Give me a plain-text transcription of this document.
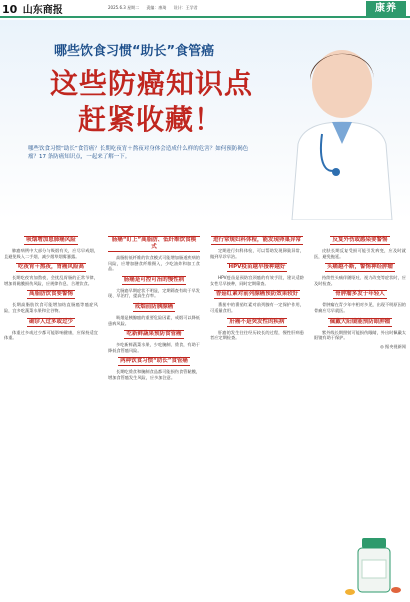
10 山东商报	2025.6.3 星期二 责编：康琦 设计：王学君	康养
哪些饮食习惯“助长”食管癌
这些防癌知识点
赶紧收藏！
哪些饮食习惯“助长”食管癌？长期吃夜宵＋熬夜对身体会造成什么样的危害？如何预防褐色瘤？17 条防癌知识点，一起来了解一下。
吸烟增加患肺癌风险

肺癌病例中大部分与吸烟有关，应尽早戒烟，且避免吸入二手烟，减少烟草烟雾暴露。

吃夜宵＋熬夜，胃癌风险高

长期吃夜宵加熬夜，会扰乱胃肠的正常节律，增加胃黏膜损伤风险，应规律作息、合理饮食。

高脂肪饮食要警惕

长期高脂肪饮食可能增加结直肠癌等癌症风险，宜多吃蔬菜水果和全谷物。

确诊人过多或过少

体重过多或过少都可能影响健康，应保持适宜体重。

肠癌“盯上”高脂肪、低纤维饮食模式

高脂肪低纤维的饮食模式可能增加肠道疾病的风险，应增加膳食纤维摄入，少吃油炸和加工食品。

肠癌是可控可治的慢性病

大肠癌早期症状不明显，定期筛查有助于早发现、早治疗，提高生存率。

戒烟前防胰腺癌

吸烟是胰腺癌的重要危险因素，戒烟可以降低患病风险。

吃新鲜蔬果预防食管癌

多吃新鲜蔬菜水果，少吃腌制、烫食，有助于降低食管癌风险。

两种饮食习惯“助长”食管癌

长期吃烫食和腌制食品都可能损伤食管黏膜，增加食管癌发生风险，应多加注意。

进行常规妇科体检，能发现卵巢异常

定期进行妇科体检，可以帮助发现卵巢异常，做到早诊早治。

HPV疫苗越早接种越好

HPV疫苗是预防宫颈癌的有效手段，建议适龄女性尽早接种，同时定期筛查。

香菇红素对前列腺癌预防效果较好

番茄中的番茄红素对前列腺有一定保护作用，可适量食用。

肝癌不是突发性的疾病

肝癌的发生往往经历较长的过程，慢性肝病患者应定期检查。

反复外伤或感染要警惕

皮肤长期反复受损可能引发病变，应及时就医，避免拖延。

头痛越不断，警惕神经肿瘤

持续性头痛伴随呕吐、视力改变等症状时，应及时检查。

骨肿瘤多发于年轻人

骨肿瘤在青少年中相对多见，出现不明原因的骨痛应尽早就医。

佩戴大阳镜能预防眼肿瘤

紫外线长期照射可能损伤眼睛，外出时佩戴太阳镜有助于保护。

◎ 据央视新闻
